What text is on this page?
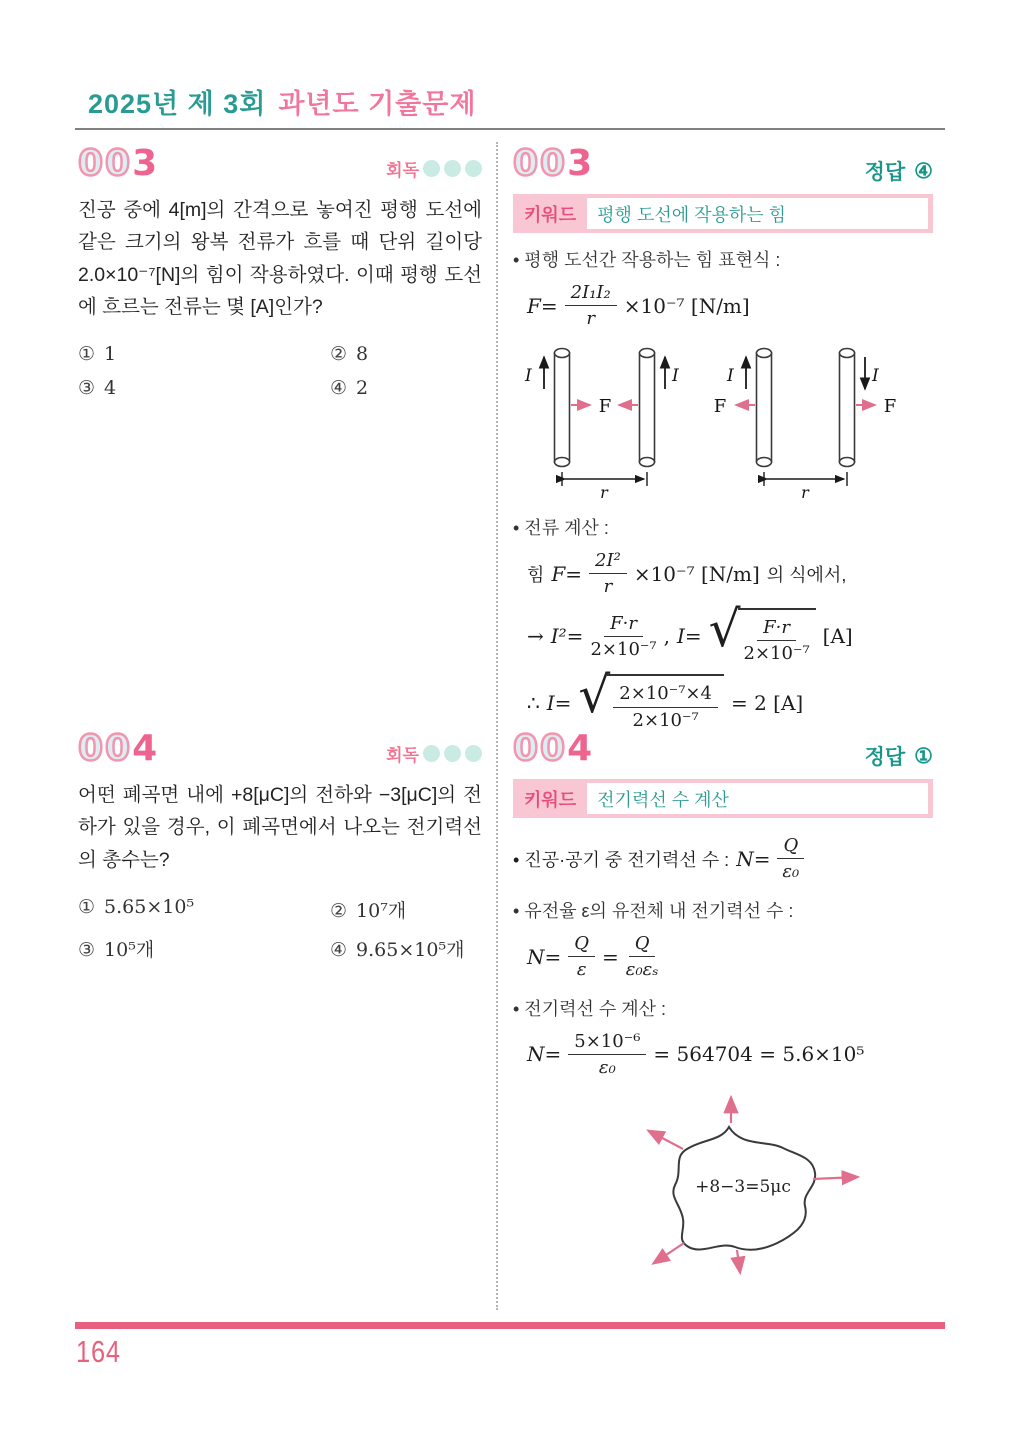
2025년 제 3회 과년도 기출문제
003	회독

진공 중에 4[m]의 간격으로 놓여진 평행 도선에 같은 크기의 왕복 전류가 흐를 때 단위 길이당 2.0×10⁻⁷[N]의 힘이 작용하였다. 이때 평행 도선에 흐르는 전류는 몇 [A]인가?

① 1	② 8
③ 4	④ 2
003	정답 ④
키워드	평행 도선에 작용하는 힘
• 평행 도선간 작용하는 힘 표현식 :
$F= \frac{\text{2I₁I₂}}{r} \times 10^{-7}$ [N/m]
I	I	I	I
F	F	F
r	r
• 전류 계산 :
힘 $F= \frac{\text{2I²}}{r} \times 10^{-7}$ [N/m] 의 식에서,
→ $I^2= \frac{F\cdot r}{\text{2×10⁻⁷}}$ , I= √ $\frac{F\cdot r}{\text{2×10⁻⁷}} [A]$
∴ I= √ $\frac{\text{2×10⁻⁷×4}}{\text{2×10⁻⁷}} = 2$ [A]
004	회독

어떤 폐곡면 내에 +8[μC]의 전하와 −3[μC]의 전하가 있을 경우, 이 폐곡면에서 나오는 전기력선의 총수는?

① 5.65×10⁵	② 10⁷개
③ 10⁵개	④ 9.65×10⁵개
004	정답 ①
키워드	전기력선 수 계산
• 진공·공기 중 전기력선 수 : $N= \frac{Q}{\text{ε₀}}$
• 유전율 ε의 유전체 내 전기력선 수 :
$N= \frac{Q}{\varepsilon} = \frac{Q}{\text{ε₀εₛ}}$
• 전기력선 수 계산 :
$N= \frac{\text{5×10⁻⁶}}{\text{ε₀}} = 564704 = 5.6\times 10^5$
+8−3=5μc
164
